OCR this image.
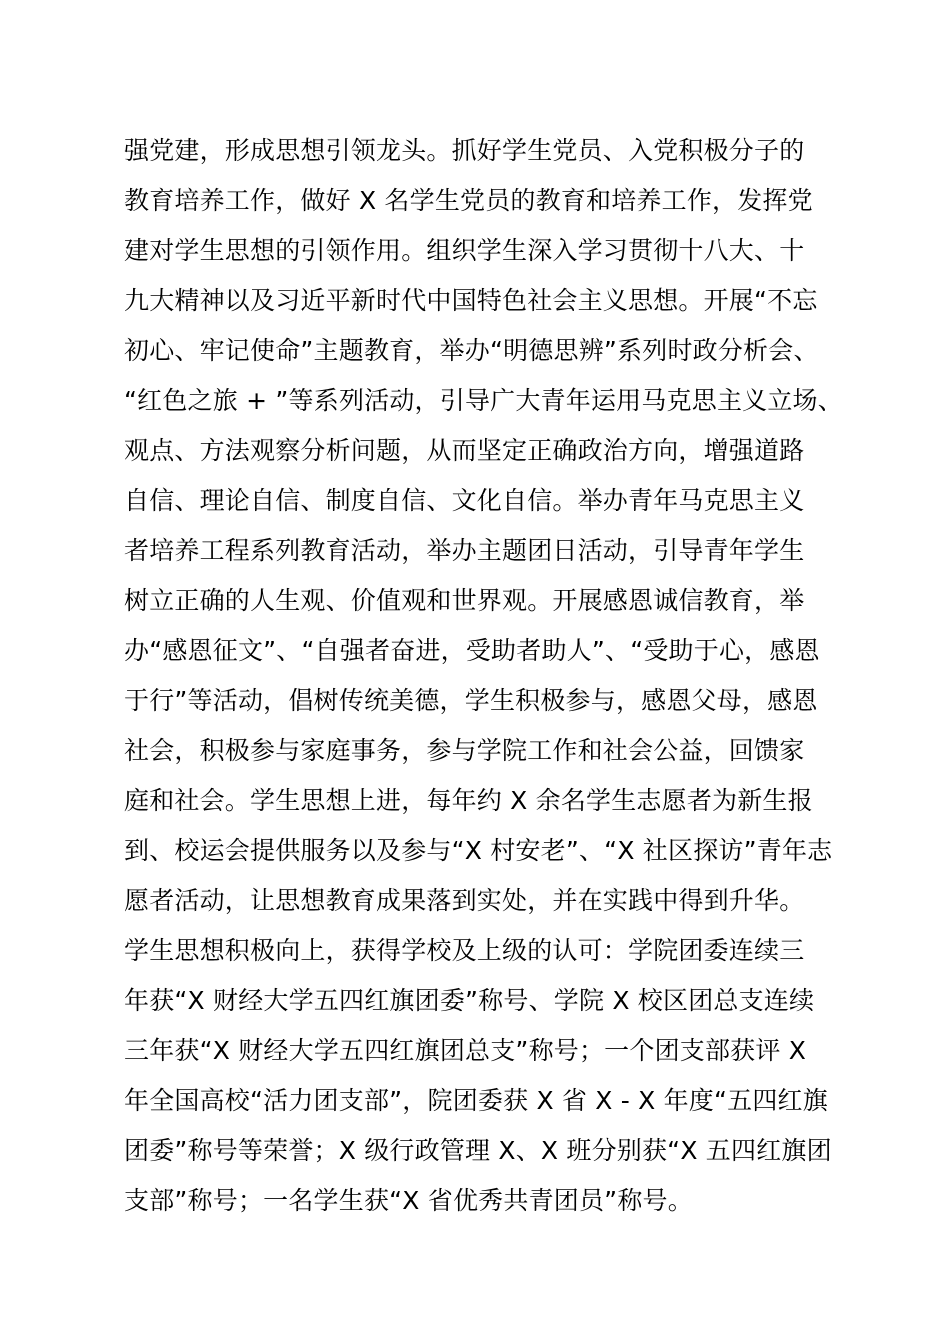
强党建，形成思想引领龙头。抓好学生党员、入党积极分子的
教育培养工作，做好 X 名学生党员的教育和培养工作，发挥党
建对学生思想的引领作用。组织学生深入学习贯彻十八大、十
九大精神以及习近平新时代中国特色社会主义思想。开展“不忘
初心、牢记使命”主题教育，举办“明德思辨”系列时政分析会、
“红色之旅 + ”等系列活动，引导广大青年运用马克思主义立场、
观点、方法观察分析问题，从而坚定正确政治方向，增强道路
自信、理论自信、制度自信、文化自信。举办青年马克思主义
者培养工程系列教育活动，举办主题团日活动，引导青年学生
树立正确的人生观、价值观和世界观。开展感恩诚信教育，举
办“感恩征文”、“自强者奋进，受助者助人”、“受助于心，感恩
于行”等活动，倡树传统美德，学生积极参与，感恩父母，感恩
社会，积极参与家庭事务，参与学院工作和社会公益，回馈家
庭和社会。学生思想上进，每年约 X 余名学生志愿者为新生报
到、校运会提供服务以及参与“X 村安老”、“X 社区探访”青年志
愿者活动，让思想教育成果落到实处，并在实践中得到升华。
学生思想积极向上，获得学校及上级的认可：学院团委连续三
年获“X 财经大学五四红旗团委”称号、学院 X 校区团总支连续
三年获“X 财经大学五四红旗团总支”称号；一个团支部获评 X
年全国高校“活力团支部”，院团委获 X 省 X - X 年度“五四红旗
团委”称号等荣誉；X 级行政管理 X、X 班分别获“X 五四红旗团
支部”称号；一名学生获“X 省优秀共青团员”称号。
